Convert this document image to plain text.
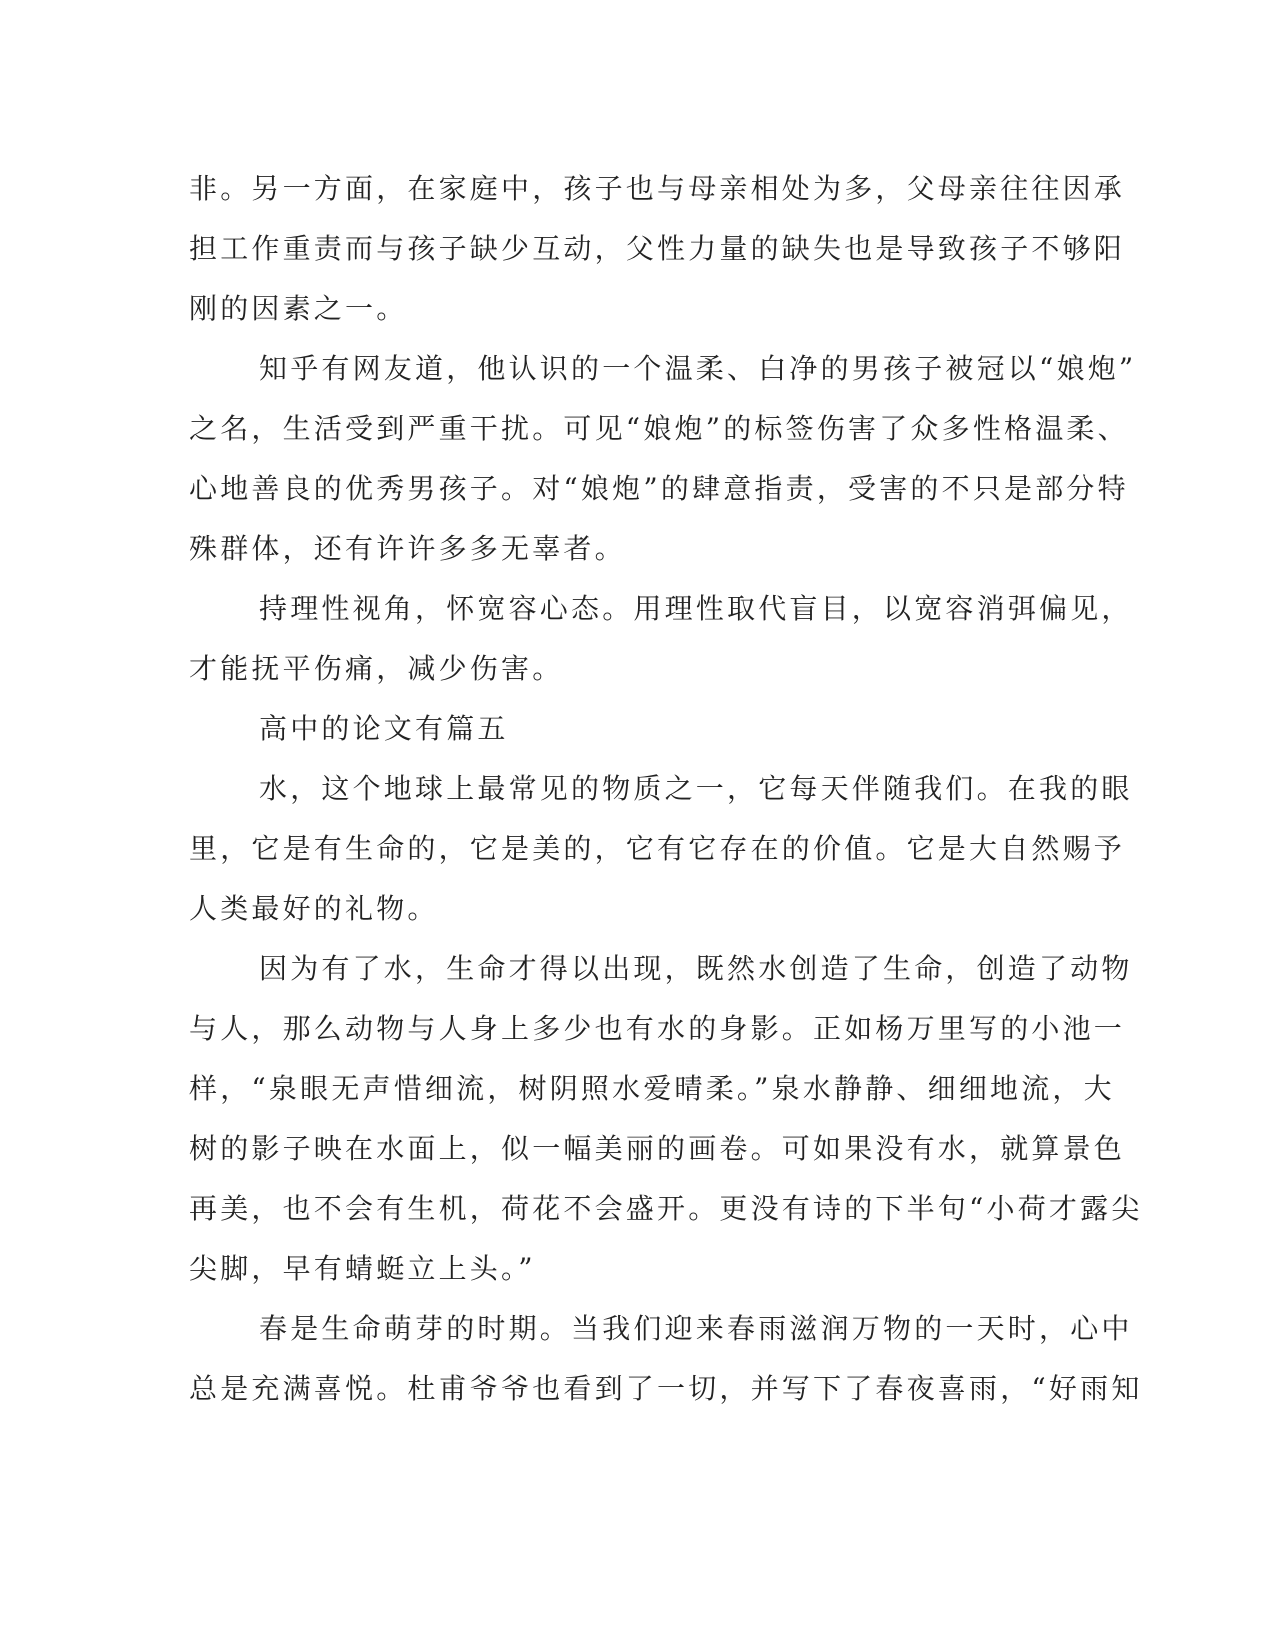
非。另一方面，在家庭中，孩子也与母亲相处为多，父母亲往往因承
担工作重责而与孩子缺少互动，父性力量的缺失也是导致孩子不够阳
刚的因素之一。
知乎有网友道，他认识的一个温柔、白净的男孩子被冠以“娘炮”
之名，生活受到严重干扰。可见“娘炮”的标签伤害了众多性格温柔、
心地善良的优秀男孩子。对“娘炮”的肆意指责，受害的不只是部分特
殊群体，还有许许多多无辜者。
持理性视角，怀宽容心态。用理性取代盲目，以宽容消弭偏见，
才能抚平伤痛，减少伤害。
高中的论文有篇五
水，这个地球上最常见的物质之一，它每天伴随我们。在我的眼
里，它是有生命的，它是美的，它有它存在的价值。它是大自然赐予
人类最好的礼物。
因为有了水，生命才得以出现，既然水创造了生命，创造了动物
与人，那么动物与人身上多少也有水的身影。正如杨万里写的小池一
样，“泉眼无声惜细流，树阴照水爱晴柔。”泉水静静、细细地流，大
树的影子映在水面上，似一幅美丽的画卷。可如果没有水，就算景色
再美，也不会有生机，荷花不会盛开。更没有诗的下半句“小荷才露尖
尖脚，早有蜻蜓立上头。”
春是生命萌芽的时期。当我们迎来春雨滋润万物的一天时，心中
总是充满喜悦。杜甫爷爷也看到了一切，并写下了春夜喜雨，“好雨知
